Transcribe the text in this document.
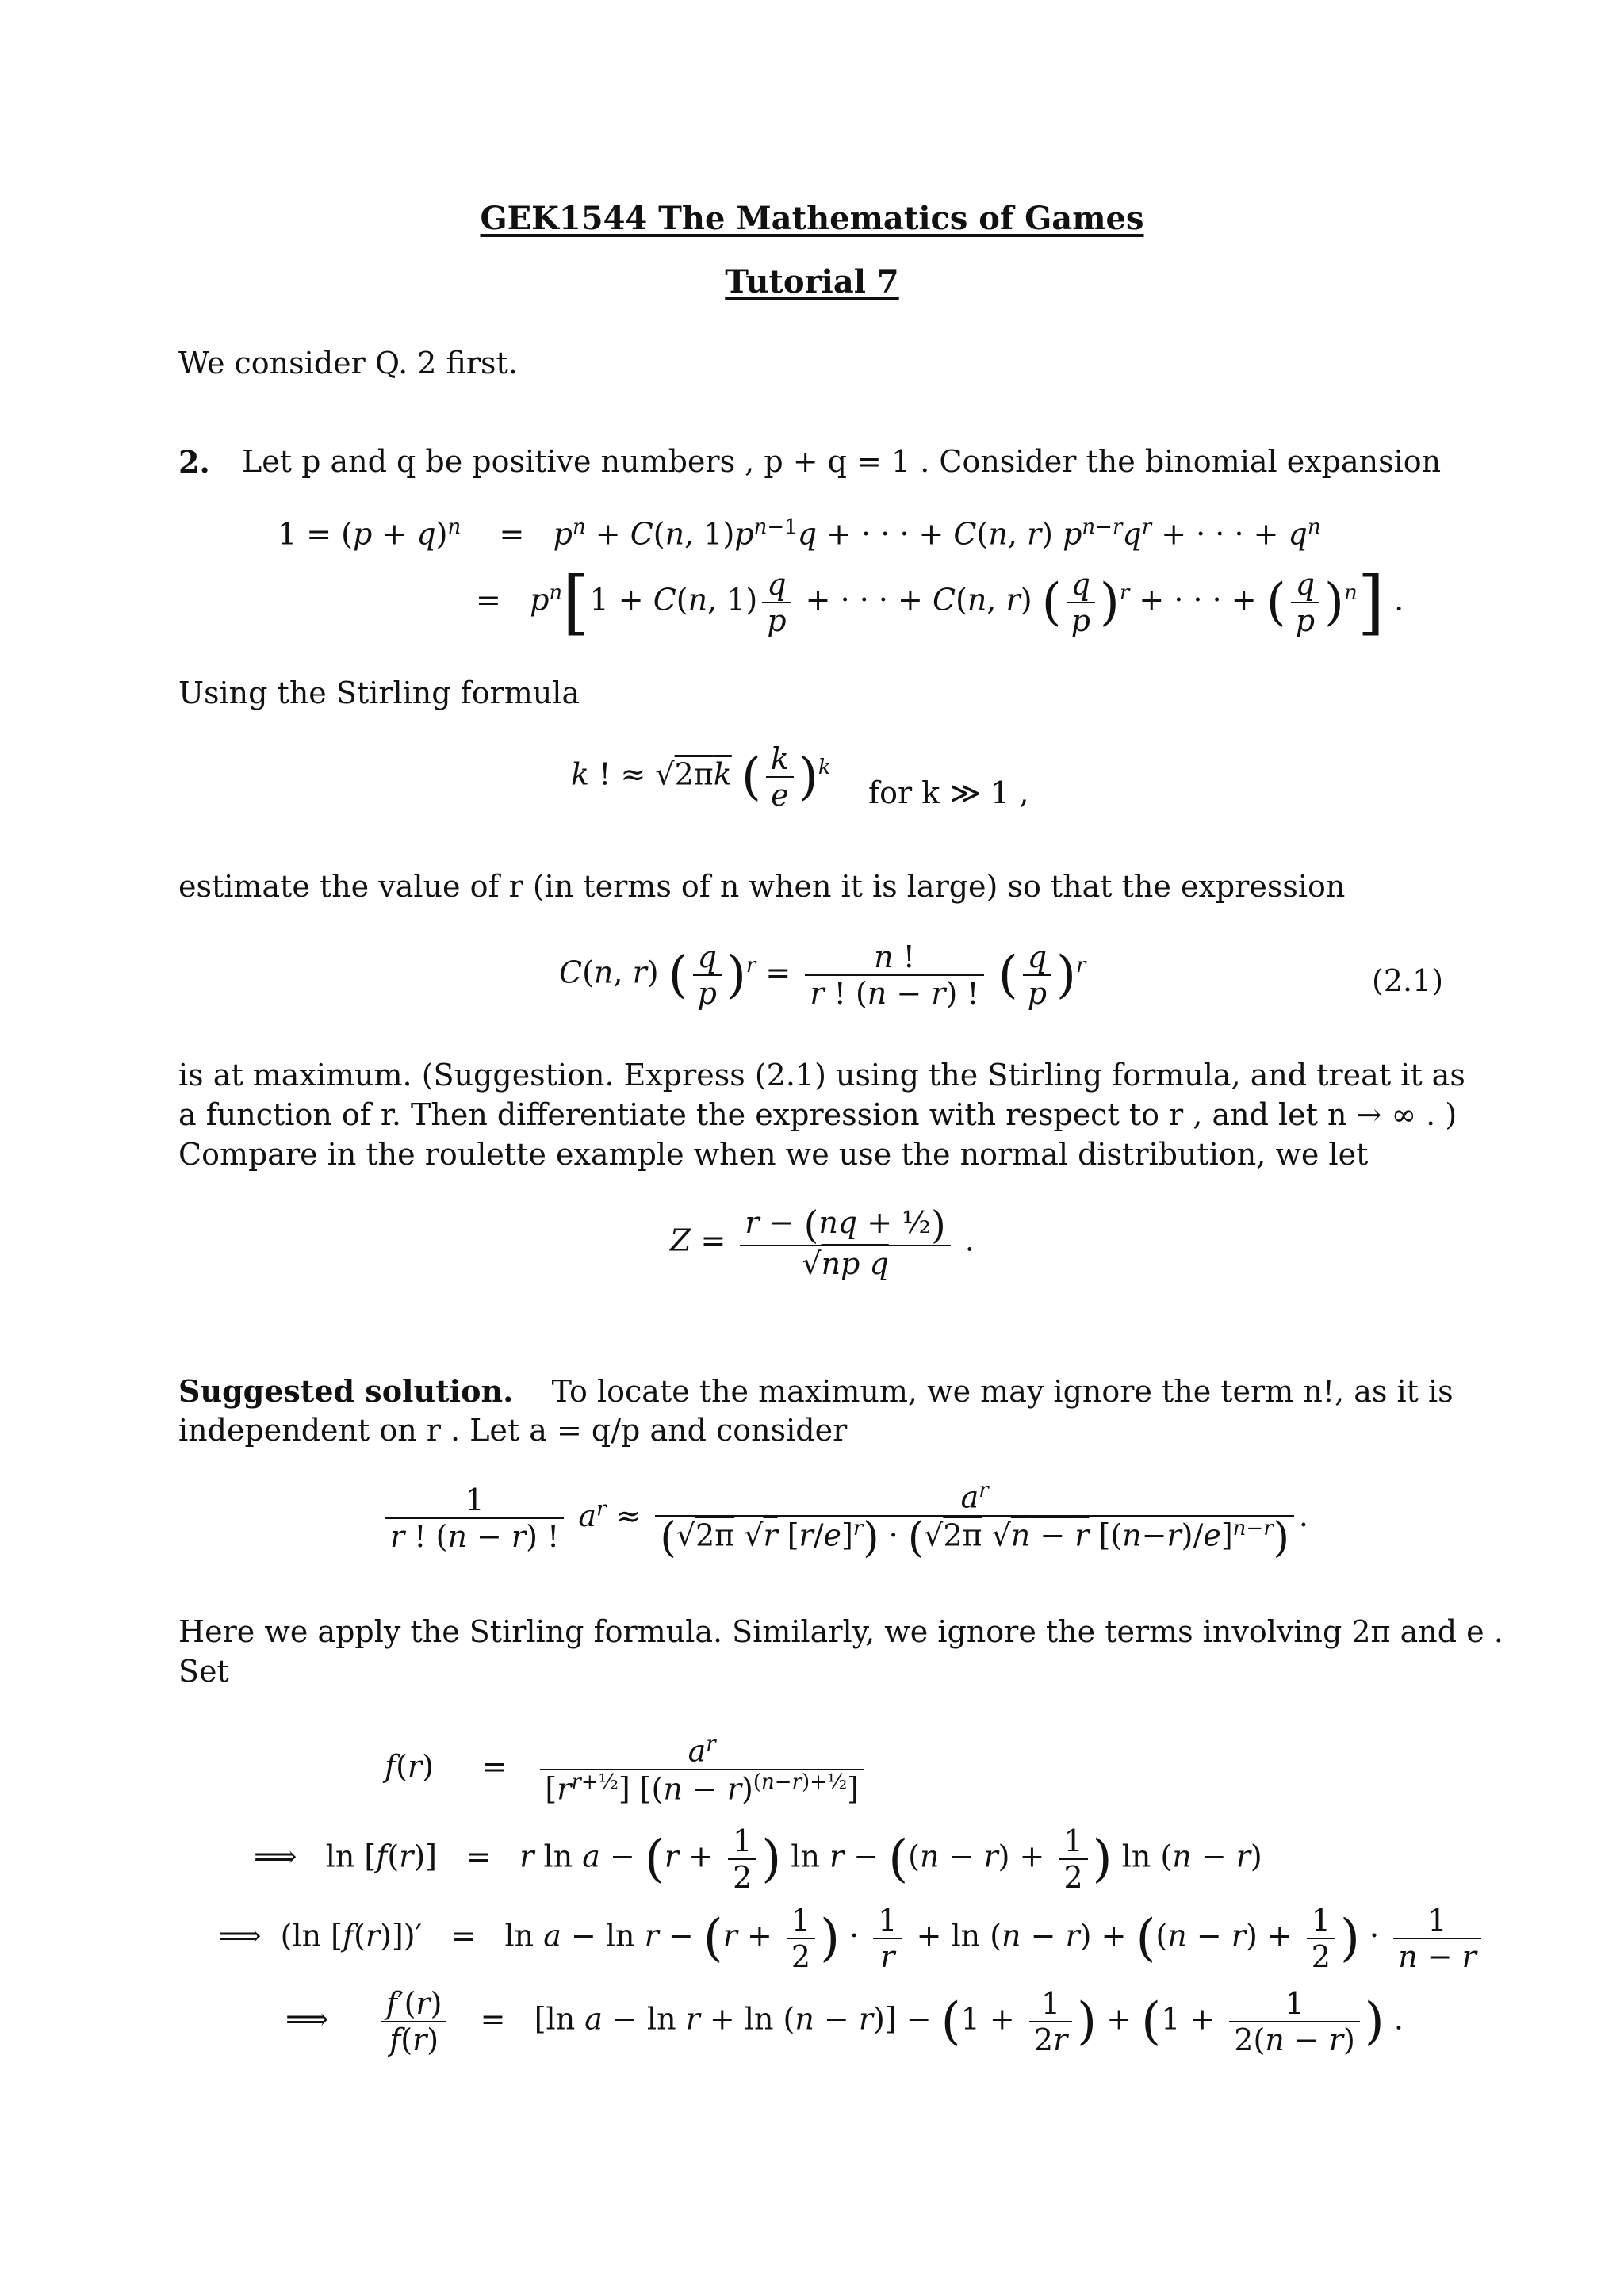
GEK1544 The Mathematics of Games
Tutorial 7
We consider Q. 2 first.
2. Let p and q be positive numbers , p + q = 1 . Consider the binomial expansion
$1 = (p + q)^n$    =   $p^n + C(n$, $1)p^{n-1}q$ + · · · + C(n, r) $p^{n-r}q^r$ + · · · + $q^n$
=   $p^n[1 + C(n$, $1) \frac{q}{p}$ + · · · + C(n, r) ( $\frac{q}{p} )^r$ + · · · + ( $\frac{q}{p} )^n$] .
Using the Stirling formula
k ! ≈ √2πk ( $\frac{k}{e} )^k$
for k ≫ 1 ,
estimate the value of r (in terms of n when it is large) so that the expression
C(n, r) ( $\frac{q}{p} )^r = \frac{n !}{r ! (n - r) !}$ ( $\frac{q}{p} )^r$	(2.1)
is at maximum. (Suggestion. Express (2.1) using the Stirling formula, and treat it as
a function of r. Then differentiate the expression with respect to r , and let n → ∞ . )
Compare in the roulette example when we use the normal distribution, we let
$Z = \frac{\text{r − (nq + ½)}}{\text{√np q}}$ .
Suggested solution. To locate the maximum, we may ignore the term n!, as it is
independent on r . Let a = q/p and consider
$\frac{1}{r ! (n - r) !} a^r \approx \frac{a^r}{(√2\pi √r [r/e]^r) \cdot (√2\pi √n - r [(n-r)/e]^{n-r})}$ .
Here we apply the Stirling formula. Similarly, we ignore the terms involving 2π and e .
Set
f(r)     = $\frac{a^r}{[r^{r+\frac{1}{2}}] [(n - r)^{(n-r)+\frac{1}{2}}]}$
⟹   ln [f(r)]   =   r $\ln a - (r + \frac{1}{2}$ ) $\ln r - ((n - r) + \frac{1}{2}$ ) ln (n − r)
⟹  (ln $[f(r)])' = \ln a - \ln r - (r + \frac{1}{2}$ ) · $\frac{1}{r} + \ln (n - r) + ((n - r) + \frac{1}{2}$ ) · $\frac{1}{n - r}$
⟹ $\frac{f'(r)}{f(r)} = [\ln$ $a - \ln r + \ln (n - r)] - (1 + \frac{1}{2r}$ ) + ($1 + \frac{1}{2(n - r)}$ ) .
